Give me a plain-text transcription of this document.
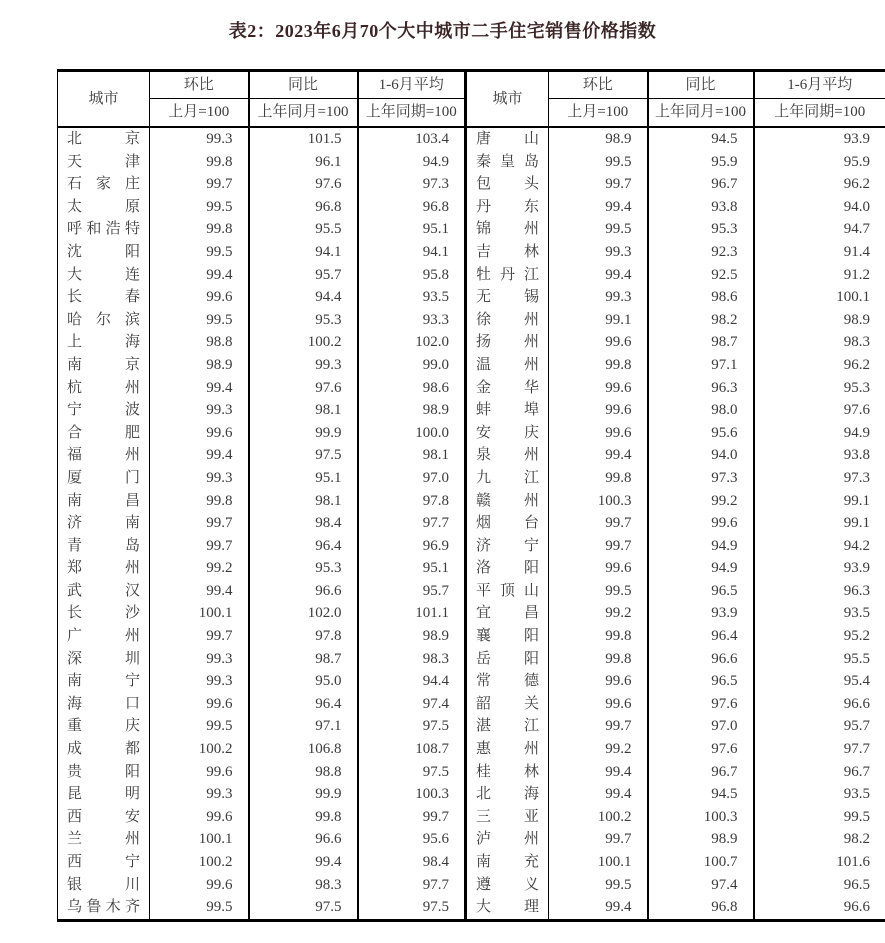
表2：2023年6月70个大中城市二手住宅销售价格指数
城市	环比	同比	1-6月平均	城市	环比	同比	1-6月平均
	上月=100	上年同月=100	上年同期=100		上月=100	上年同月=100	上年同期=100
北京	99.3	101.5	103.4	唐山	98.9	94.5	93.9
天津	99.8	96.1	94.9	秦皇岛	99.5	95.9	95.9
石家庄	99.7	97.6	97.3	包头	99.7	96.7	96.2
太原	99.5	96.8	96.8	丹东	99.4	93.8	94.0
呼和浩特	99.8	95.5	95.1	锦州	99.5	95.3	94.7
沈阳	99.5	94.1	94.1	吉林	99.3	92.3	91.4
大连	99.4	95.7	95.8	牡丹江	99.4	92.5	91.2
长春	99.6	94.4	93.5	无锡	99.3	98.6	100.1
哈尔滨	99.5	95.3	93.3	徐州	99.1	98.2	98.9
上海	98.8	100.2	102.0	扬州	99.6	98.7	98.3
南京	98.9	99.3	99.0	温州	99.8	97.1	96.2
杭州	99.4	97.6	98.6	金华	99.6	96.3	95.3
宁波	99.3	98.1	98.9	蚌埠	99.6	98.0	97.6
合肥	99.6	99.9	100.0	安庆	99.6	95.6	94.9
福州	99.4	97.5	98.1	泉州	99.4	94.0	93.8
厦门	99.3	95.1	97.0	九江	99.8	97.3	97.3
南昌	99.8	98.1	97.8	赣州	100.3	99.2	99.1
济南	99.7	98.4	97.7	烟台	99.7	99.6	99.1
青岛	99.7	96.4	96.9	济宁	99.7	94.9	94.2
郑州	99.2	95.3	95.1	洛阳	99.6	94.9	93.9
武汉	99.4	96.6	95.7	平顶山	99.5	96.5	96.3
长沙	100.1	102.0	101.1	宜昌	99.2	93.9	93.5
广州	99.7	97.8	98.9	襄阳	99.8	96.4	95.2
深圳	99.3	98.7	98.3	岳阳	99.8	96.6	95.5
南宁	99.3	95.0	94.4	常德	99.6	96.5	95.4
海口	99.6	96.4	97.4	韶关	99.6	97.6	96.6
重庆	99.5	97.1	97.5	湛江	99.7	97.0	95.7
成都	100.2	106.8	108.7	惠州	99.2	97.6	97.7
贵阳	99.6	98.8	97.5	桂林	99.4	96.7	96.7
昆明	99.3	99.9	100.3	北海	99.4	94.5	93.5
西安	99.6	99.8	99.7	三亚	100.2	100.3	99.5
兰州	100.1	96.6	95.6	泸州	99.7	98.9	98.2
西宁	100.2	99.4	98.4	南充	100.1	100.7	101.6
银川	99.6	98.3	97.7	遵义	99.5	97.4	96.5
乌鲁木齐	99.5	97.5	97.5	大理	99.4	96.8	96.6
